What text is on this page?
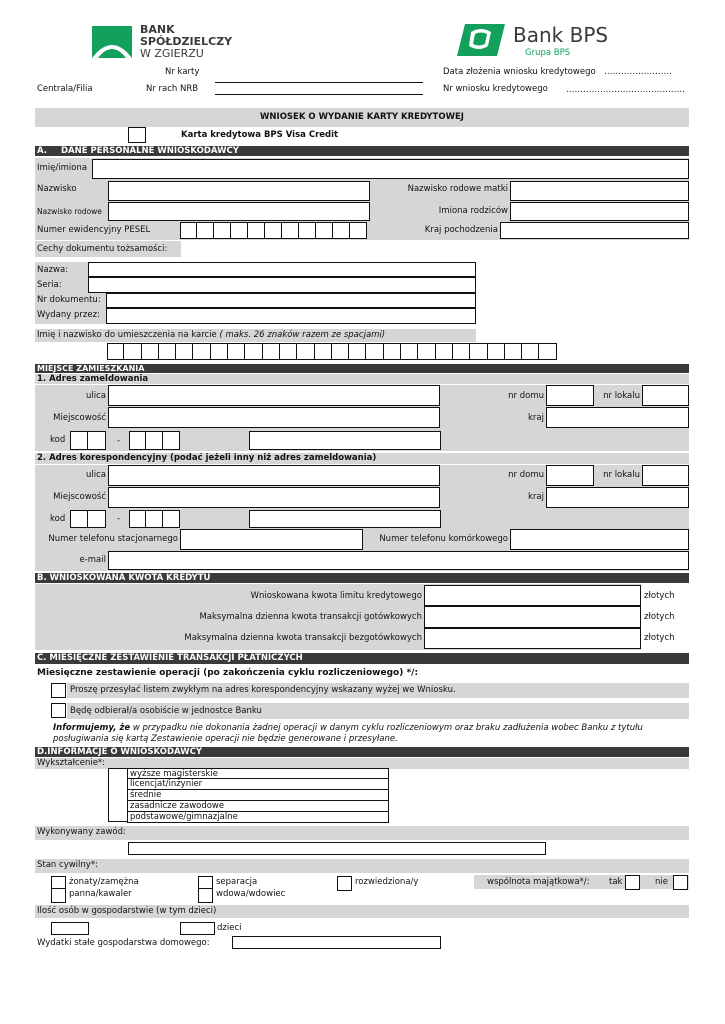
BANK
SPÓŁDZIELCZY
W ZGIERZU
Bank BPS
Grupa BPS
Nr karty
Centrala/Filia	Nr rach NRB
Data złożenia wniosku kredytowego ……………………
Nr wniosku kredytowego ……………………………………
WNIOSEK O WYDANIE KARTY KREDYTOWEJ
Karta kredytowa BPS Visa Credit
A. DANE PERSONALNE WNIOSKODAWCY
Imię/imiona
Nazwisko	Nazwisko rodowe matki
Nazwisko rodowe	Imiona rodziców
Numer ewidencyjny PESEL	Kraj pochodzenia
Cechy dokumentu tożsamości:
Nazwa:
Seria:
Nr dokumentu:
Wydany przez:
Imię i nazwisko do umieszczenia na karcie ( maks. 26 znaków razem ze spacjami)
MIEJSCE ZAMIESZKANIA
1. Adres zameldowania
ulica	nr domu	nr lokalu
Miejscowość	kraj
kod	-
2. Adres korespondencyjny (podać jeżeli inny niż adres zameldowania)
ulica	nr domu	nr lokalu
Miejscowość	kraj
kod	-
Numer telefonu stacjonarnego	Numer telefonu komórkowego
e-mail
B. WNIOSKOWANA KWOTA KREDYTU
Wnioskowana kwota limitu kredytowego	złotych
Maksymalna dzienna kwota transakcji gotówkowych	złotych
Maksymalna dzienna kwota transakcji bezgotówkowych	złotych
C. MIESIĘCZNE ZESTAWIENIE TRANSAKCJI PŁATNICZYCH
Miesięczne zestawienie operacji (po zakończenia cyklu rozliczeniowego) */:
Proszę przesyłać listem zwykłym na adres korespondencyjny wskazany wyżej we Wniosku.
Będę odbierał/a osobiście w jednostce Banku
Informujemy, że w przypadku nie dokonania żadnej operacji w danym cyklu rozliczeniowym oraz braku zadłużenia wobec Banku z tytułu
posługiwania się kartą Zestawienie operacji nie będzie generowane i przesyłane.
D.INFORMACJE O WNIOSKODAWCY
Wykształcenie*:
wyższe magisterskie
licencjat/inżynier
średnie
zasadnicze zawodowe
podstawowe/gimnazjalne
Wykonywany zawód:
Stan cywilny*:
żonaty/zamężna
panna/kawaler
separacja
wdowa/wdowiec
rozwiedziona/y	wspólnota majątkowa*/: tak	nie
Ilość osób w gospodarstwie (w tym dzieci)
dzieci
Wydatki stałe gospodarstwa domowego:
